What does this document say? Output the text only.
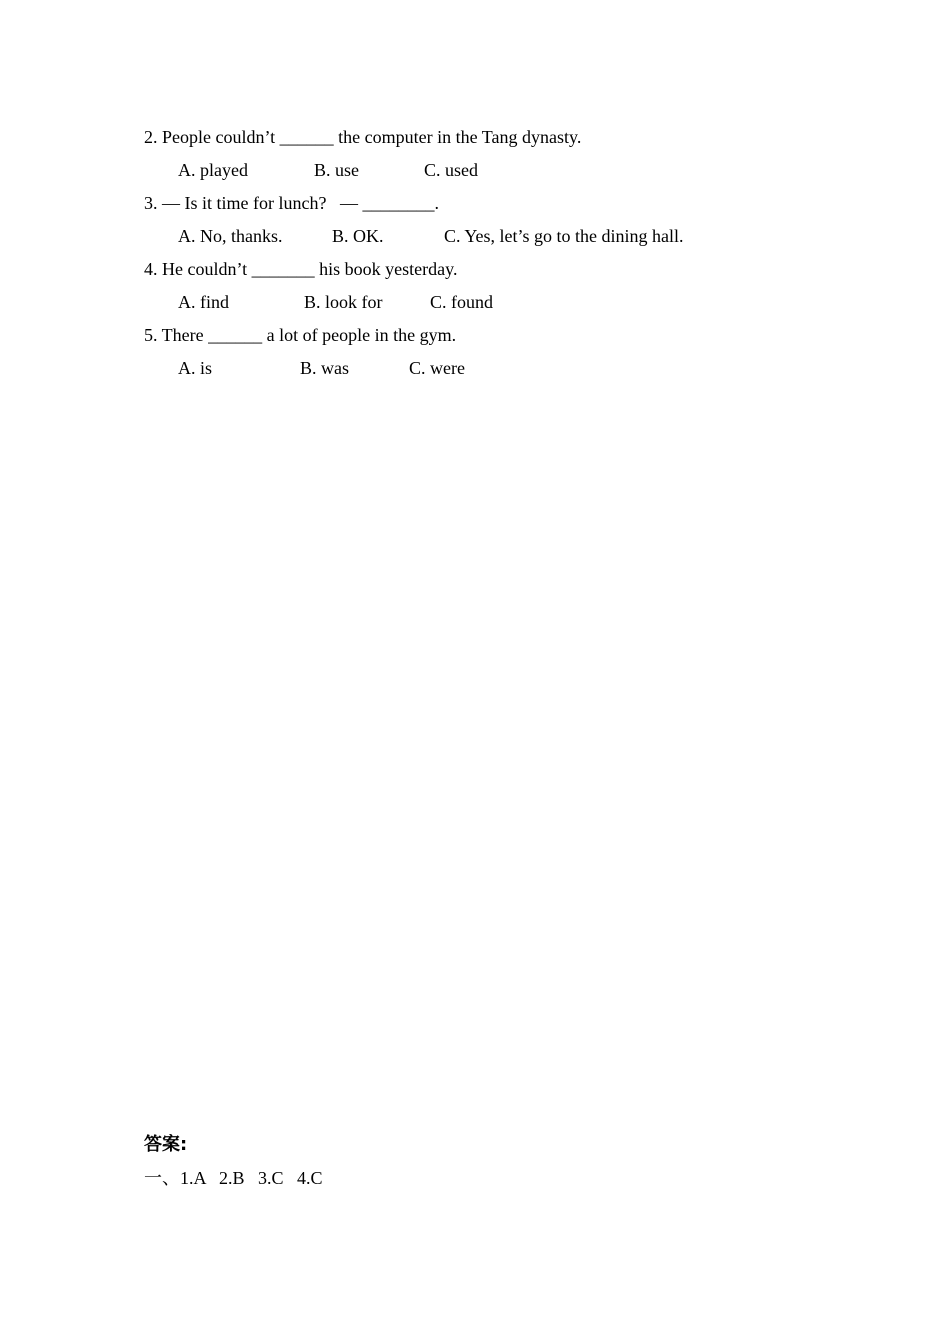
2. People couldn’t ______ the computer in the Tang dynasty.
A. played	B. use	C. used
3. — Is it time for lunch?   — ________.
A. No, thanks.	B. OK.	C. Yes, let’s go to the dining hall.
4. He couldn’t _______ his book yesterday.
A. find	B. look for	C. found
5. There ______ a lot of people in the gym.
A. is	B. was	C. were
答案:
一、1.A   2.B   3.C   4.C
